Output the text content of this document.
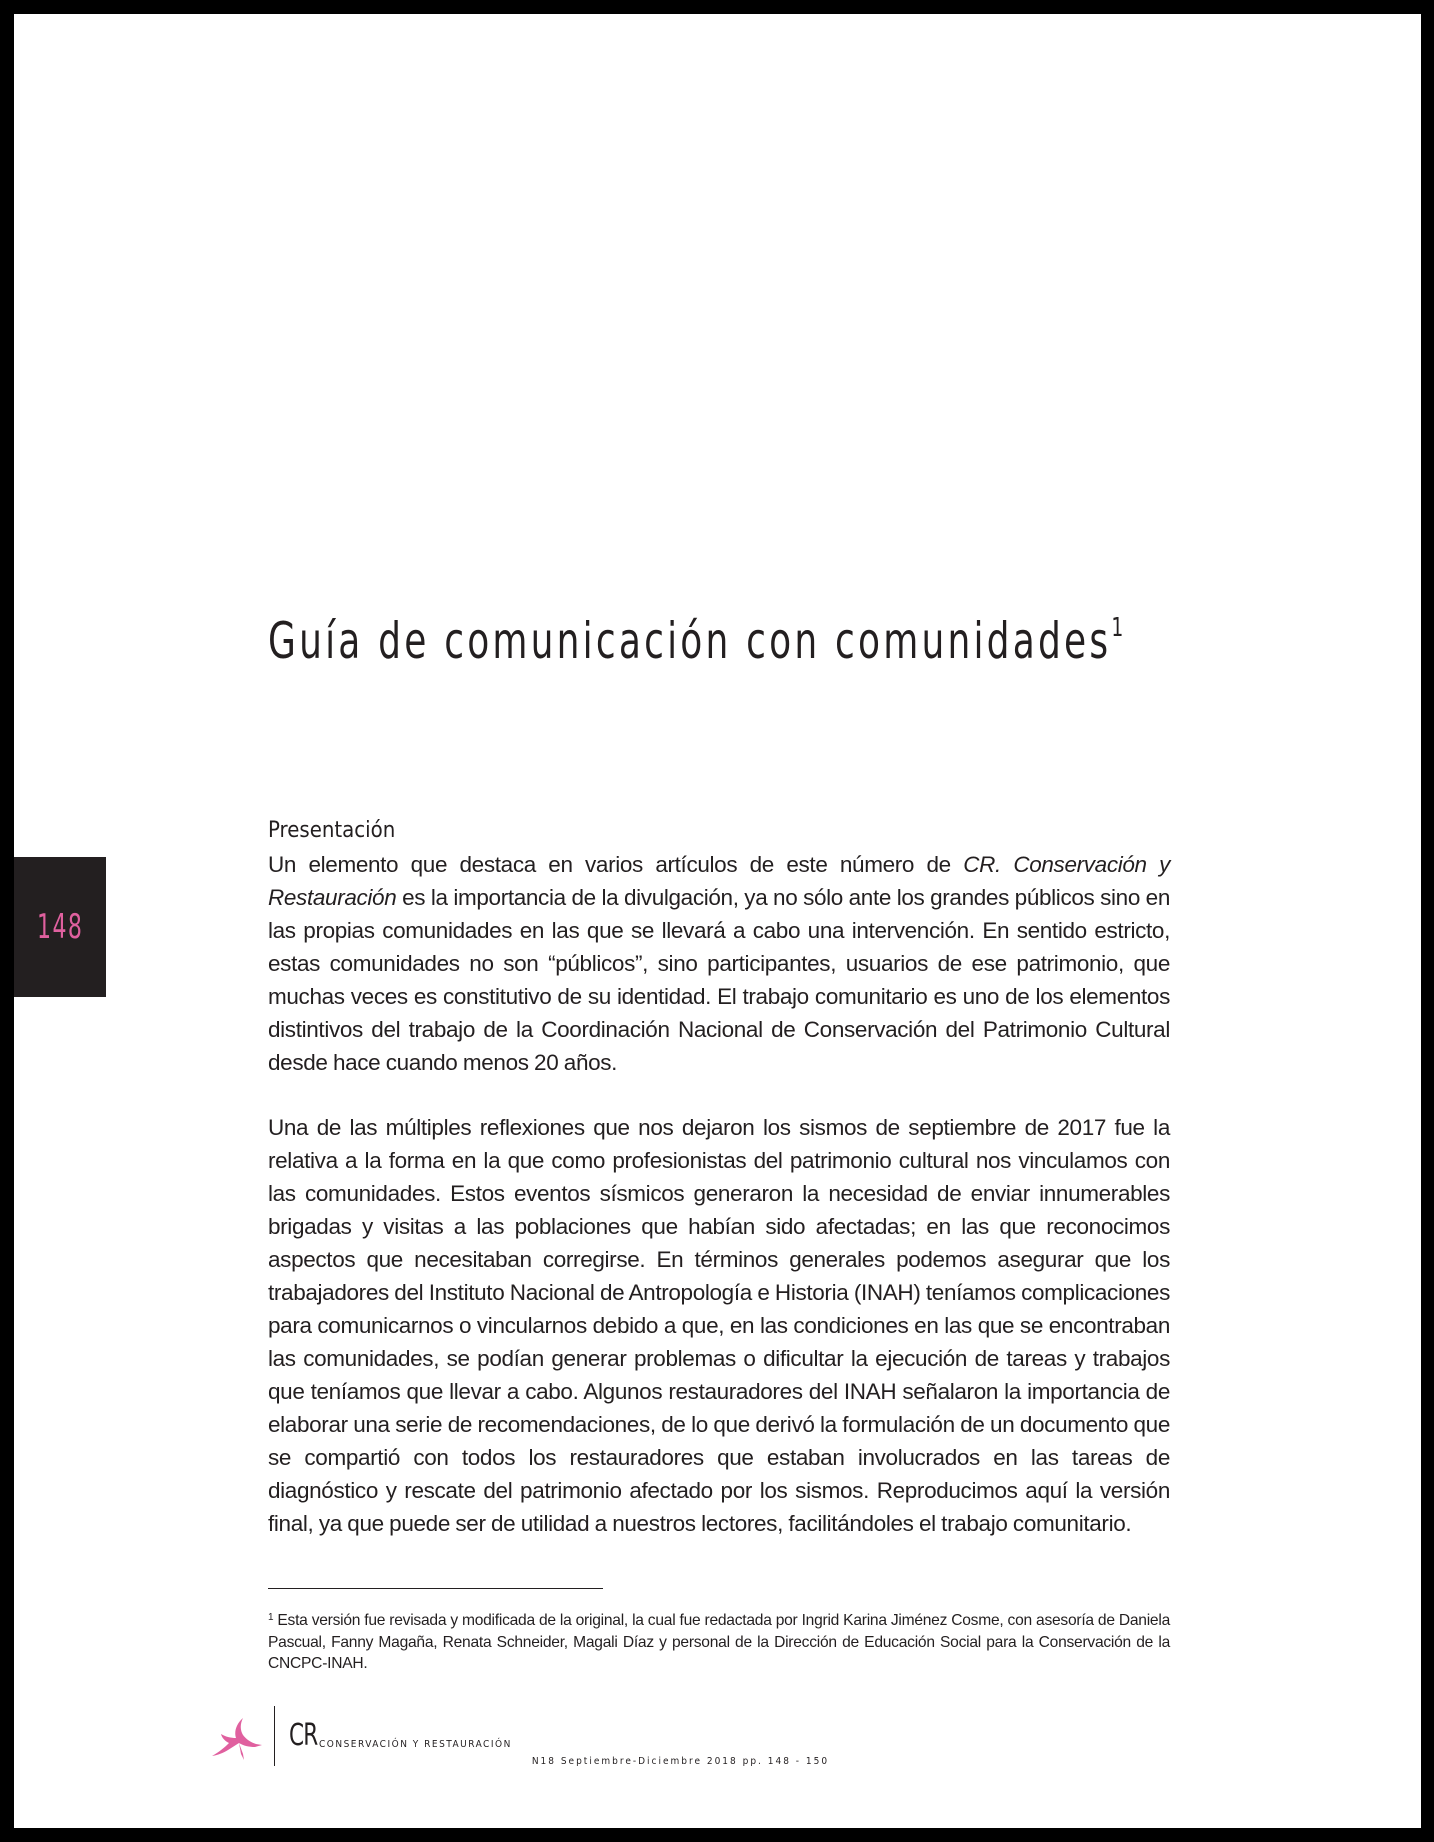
148
Guía de comunicación con comunidades$^1$
Presentación

Un elemento que destaca en varios artículos de este número de CR. Conservación y Restauración es la importancia de la divulgación, ya no sólo ante los grandes públicos sino en las propias comunidades en las que se llevará a cabo una intervención. En sentido estricto, estas comunidades no son “públicos”, sino participantes, usuarios de ese patrimonio, que muchas veces es constitutivo de su identidad. El trabajo comunitario es uno de los elementos distintivos del trabajo de la Coordinación Nacional de Conservación del Patrimonio Cultural desde hace cuando menos 20 años.

Una de las múltiples reflexiones que nos dejaron los sismos de septiembre de 2017 fue la relativa a la forma en la que como profesionistas del patrimonio cultural nos vinculamos con las comunidades. Estos eventos sísmicos generaron la necesidad de enviar innumerables brigadas y visitas a las poblaciones que habían sido afectadas; en las que reconocimos aspectos que necesitaban corregirse. En términos generales podemos asegurar que los trabajadores del Instituto Nacional de Antropología e Historia (INAH) teníamos complicaciones para comunicarnos o vincularnos debido a que, en las condiciones en las que se encontraban las comunidades, se podían generar problemas o dificultar la ejecución de tareas y trabajos que teníamos que llevar a cabo. Algunos restauradores del INAH señalaron la importancia de elaborar una serie de recomendaciones, de lo que derivó la formulación de un documento que se compartió con todos los restauradores que estaban involucrados en las tareas de diagnóstico y rescate del patrimonio afectado por los sismos. Reproducimos aquí la versión final, ya que puede ser de utilidad a nuestros lectores, facilitándoles el trabajo comunitario.

$^1$ Esta versión fue revisada y modificada de la original, la cual fue redactada por Ingrid Karina Jiménez Cosme, con asesoría de Daniela Pascual, Fanny Magaña, Renata Schneider, Magali Díaz y personal de la Dirección de Educación Social para la Conservación de la CNCPC-INAH.

CR CONSERVACIÓN Y RESTAURACIÓN
N18 Septiembre-Diciembre 2018 pp. 148 - 150
